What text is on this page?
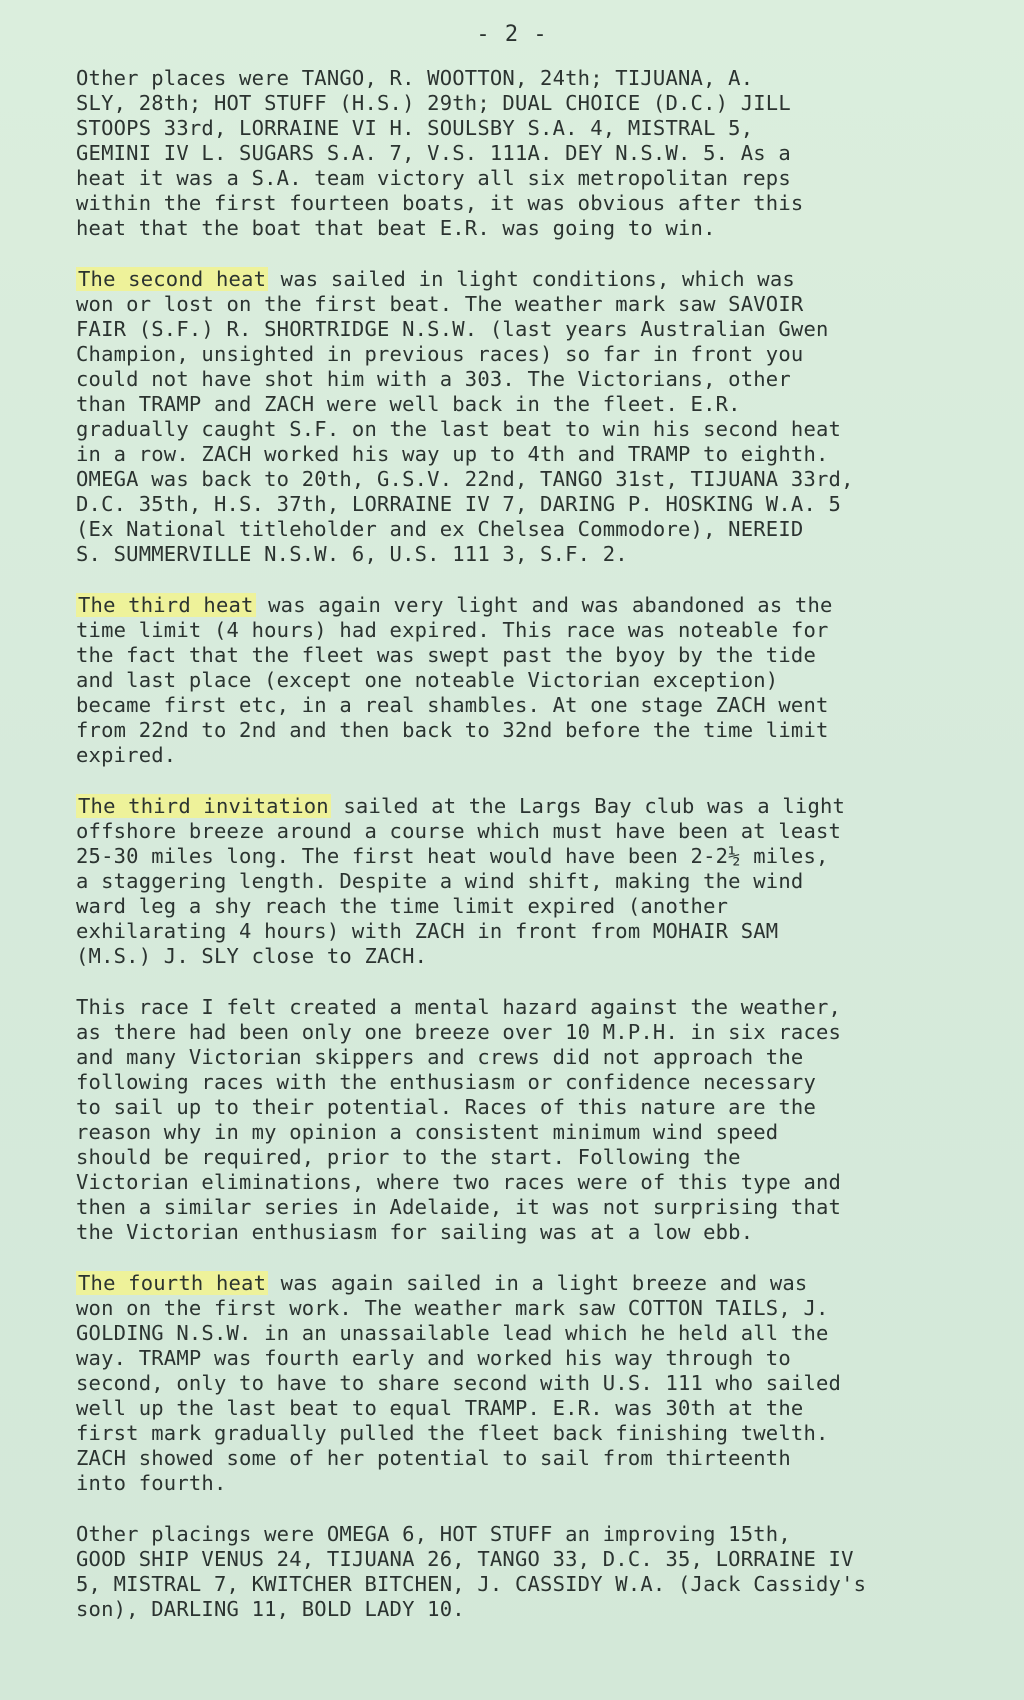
- 2 -

Other places were TANGO, R. WOOTTON, 24th; TIJUANA, A.
SLY, 28th; HOT STUFF (H.S.) 29th; DUAL CHOICE (D.C.) JILL
STOOPS 33rd, LORRAINE VI H. SOULSBY S.A. 4, MISTRAL 5,
GEMINI IV L. SUGARS S.A. 7, V.S. 111A. DEY N.S.W. 5. As a
heat it was a S.A. team victory all six metropolitan reps
within the first fourteen boats, it was obvious after this
heat that the boat that beat E.R. was going to win.

The second heat was sailed in light conditions, which was
won or lost on the first beat. The weather mark saw SAVOIR
FAIR (S.F.) R. SHORTRIDGE N.S.W. (last years Australian Gwen
Champion, unsighted in previous races) so far in front you
could not have shot him with a 303. The Victorians, other
than TRAMP and ZACH were well back in the fleet. E.R.
gradually caught S.F. on the last beat to win his second heat
in a row. ZACH worked his way up to 4th and TRAMP to eighth.
OMEGA was back to 20th, G.S.V. 22nd, TANGO 31st, TIJUANA 33rd,
D.C. 35th, H.S. 37th, LORRAINE IV 7, DARING P. HOSKING W.A. 5
(Ex National titleholder and ex Chelsea Commodore), NEREID
S. SUMMERVILLE N.S.W. 6, U.S. 111 3, S.F. 2.

The third heat was again very light and was abandoned as the
time limit (4 hours) had expired. This race was noteable for
the fact that the fleet was swept past the byoy by the tide
and last place (except one noteable Victorian exception)
became first etc, in a real shambles. At one stage ZACH went
from 22nd to 2nd and then back to 32nd before the time limit
expired.

The third invitation sailed at the Largs Bay club was a light
offshore breeze around a course which must have been at least
25-30 miles long. The first heat would have been 2-2½ miles,
a staggering length. Despite a wind shift, making the wind
ward leg a shy reach the time limit expired (another
exhilarating 4 hours) with ZACH in front from MOHAIR SAM
(M.S.) J. SLY close to ZACH.

This race I felt created a mental hazard against the weather,
as there had been only one breeze over 10 M.P.H. in six races
and many Victorian skippers and crews did not approach the
following races with the enthusiasm or confidence necessary
to sail up to their potential. Races of this nature are the
reason why in my opinion a consistent minimum wind speed
should be required, prior to the start. Following the
Victorian eliminations, where two races were of this type and
then a similar series in Adelaide, it was not surprising that
the Victorian enthusiasm for sailing was at a low ebb.

The fourth heat was again sailed in a light breeze and was
won on the first work. The weather mark saw COTTON TAILS, J.
GOLDING N.S.W. in an unassailable lead which he held all the
way. TRAMP was fourth early and worked his way through to
second, only to have to share second with U.S. 111 who sailed
well up the last beat to equal TRAMP. E.R. was 30th at the
first mark gradually pulled the fleet back finishing twelth.
ZACH showed some of her potential to sail from thirteenth
into fourth.

Other placings were OMEGA 6, HOT STUFF an improving 15th,
GOOD SHIP VENUS 24, TIJUANA 26, TANGO 33, D.C. 35, LORRAINE IV
5, MISTRAL 7, KWITCHER BITCHEN, J. CASSIDY W.A. (Jack Cassidy's
son), DARLING 11, BOLD LADY 10.
